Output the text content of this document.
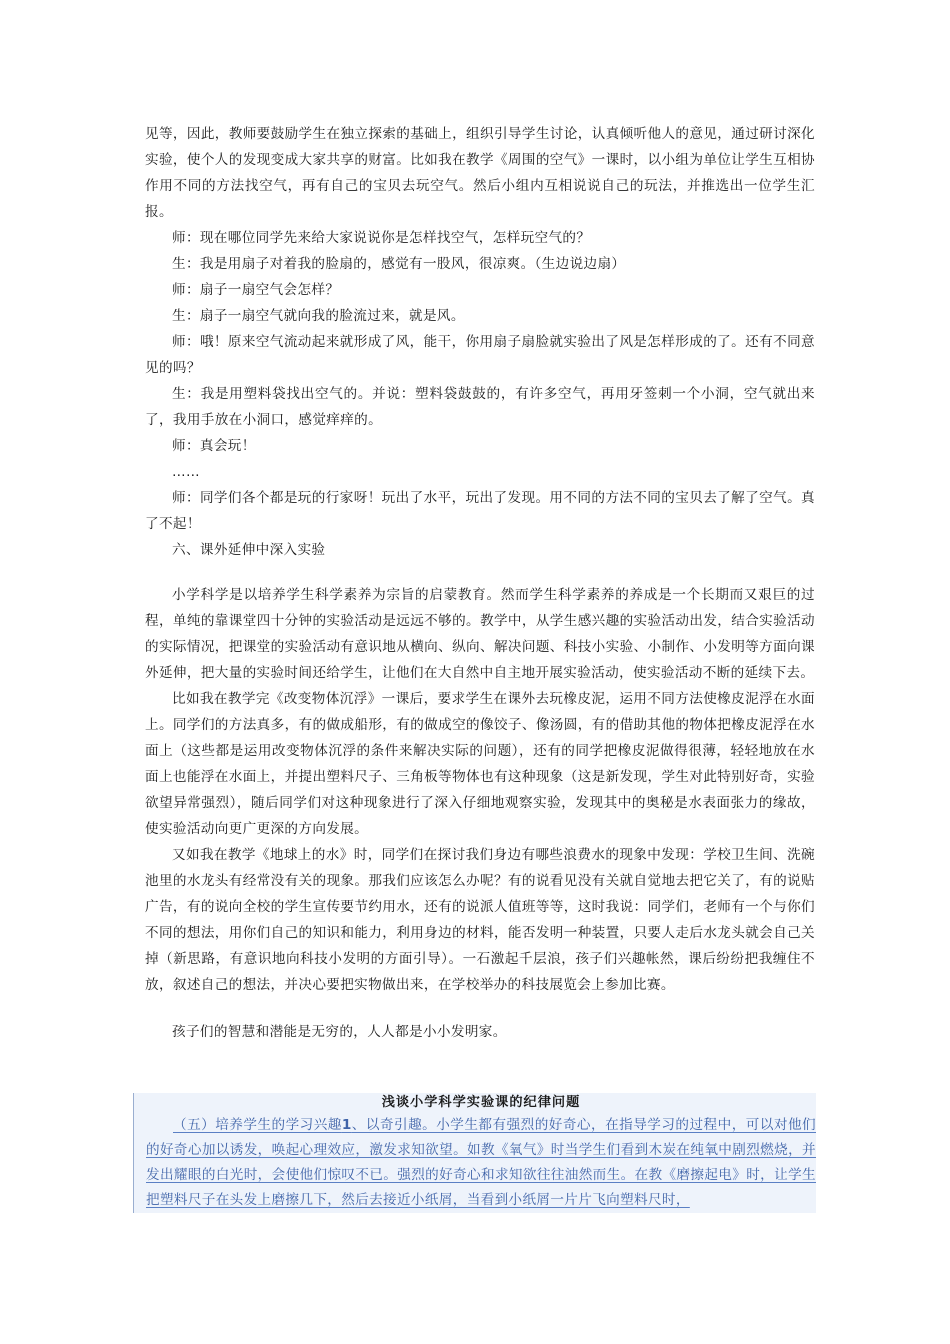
见等，因此，教师要鼓励学生在独立探索的基础上，组织引导学生讨论，认真倾听他人的意见，通过研讨深化实验，使个人的发现变成大家共享的财富。比如我在教学《周围的空气》一课时，以小组为单位让学生互相协作用不同的方法找空气，再有自己的宝贝去玩空气。然后小组内互相说说自己的玩法，并推选出一位学生汇报。

师：现在哪位同学先来给大家说说你是怎样找空气，怎样玩空气的？

生：我是用扇子对着我的脸扇的，感觉有一股风，很凉爽。（生边说边扇）

师：扇子一扇空气会怎样？

生：扇子一扇空气就向我的脸流过来，就是风。

师：哦！原来空气流动起来就形成了风，能干，你用扇子扇脸就实验出了风是怎样形成的了。还有不同意见的吗？

生：我是用塑料袋找出空气的。并说：塑料袋鼓鼓的，有许多空气，再用牙签刺一个小洞，空气就出来了，我用手放在小洞口，感觉痒痒的。

师：真会玩！

……

师：同学们各个都是玩的行家呀！玩出了水平，玩出了发现。用不同的方法不同的宝贝去了解了空气。真了不起！

六、课外延伸中深入实验

小学科学是以培养学生科学素养为宗旨的启蒙教育。然而学生科学素养的养成是一个长期而又艰巨的过程，单纯的靠课堂四十分钟的实验活动是远远不够的。教学中，从学生感兴趣的实验活动出发，结合实验活动的实际情况，把课堂的实验活动有意识地从横向、纵向、解决问题、科技小实验、小制作、小发明等方面向课外延伸，把大量的实验时间还给学生，让他们在大自然中自主地开展实验活动，使实验活动不断的延续下去。

比如我在教学完《改变物体沉浮》一课后，要求学生在课外去玩橡皮泥，运用不同方法使橡皮泥浮在水面上。同学们的方法真多，有的做成船形，有的做成空的像饺子、像汤圆，有的借助其他的物体把橡皮泥浮在水面上（这些都是运用改变物体沉浮的条件来解决实际的问题），还有的同学把橡皮泥做得很薄，轻轻地放在水面上也能浮在水面上，并提出塑料尺子、三角板等物体也有这种现象（这是新发现，学生对此特别好奇，实验欲望异常强烈），随后同学们对这种现象进行了深入仔细地观察实验，发现其中的奥秘是水表面张力的缘故，使实验活动向更广更深的方向发展。

又如我在教学《地球上的水》时，同学们在探讨我们身边有哪些浪费水的现象中发现：学校卫生间、洗碗池里的水龙头有经常没有关的现象。那我们应该怎么办呢？有的说看见没有关就自觉地去把它关了，有的说贴广告，有的说向全校的学生宣传要节约用水，还有的说派人值班等等，这时我说：同学们，老师有一个与你们不同的想法，用你们自己的知识和能力，利用身边的材料，能否发明一种装置，只要人走后水龙头就会自己关掉（新思路，有意识地向科技小发明的方面引导）。一石激起千层浪，孩子们兴趣帐然，课后纷纷把我缠住不放，叙述自己的想法，并决心要把实物做出来，在学校举办的科技展览会上参加比赛。

孩子们的智慧和潜能是无穷的，人人都是小小发明家。

浅谈小学科学实验课的纪律问题

（五）培养学生的学习兴趣1、以奇引趣。小学生都有强烈的好奇心，在指导学习的过程中，可以对他们的好奇心加以诱发，唤起心理效应，激发求知欲望。如教《氧气》时当学生们看到木炭在纯氧中剧烈燃烧，并发出耀眼的白光时，会使他们惊叹不已。强烈的好奇心和求知欲往往油然而生。在教《磨擦起电》时，让学生把塑料尺子在头发上磨擦几下，然后去接近小纸屑，当看到小纸屑一片片飞向塑料尺时，
